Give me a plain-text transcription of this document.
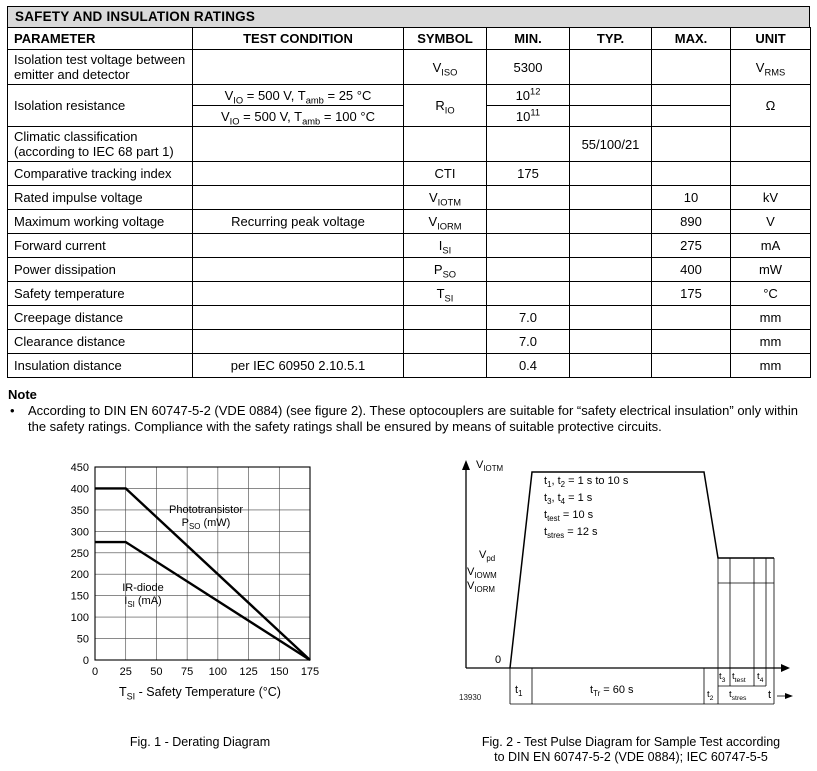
SAFETY AND INSULATION RATINGS
PARAMETER	TEST CONDITION	SYMBOL	MIN.	TYP.	MAX.	UNIT
Isolation test voltage between emitter and detector		$V_{ISO}$	5300			$V_{RMS}$
Isolation resistance	$V_{IO} = 500$ V, $T_{amb} = 25$ °C	$R_{IO}$	$10^{12}$			Ω
	$V_{IO} = 500$ V, $T_{amb} = 100$ °C		$10^{11}$		
Climatic classification (according to IEC 68 part 1)				55/100/21		
Comparative tracking index		CTI	175			
Rated impulse voltage		$V_{IOTM}$			10	kV
Maximum working voltage	Recurring peak voltage	$V_{IORM}$			890	V
Forward current		$I_{SI}$			275	mA
Power dissipation		$P_{SO}$			400	mW
Safety temperature		$T_{SI}$			175	°C
Creepage distance			7.0			mm
Clearance distance			7.0			mm
Insulation distance	per IEC 60950 2.10.5.1		0.4			mm
Note
• According to DIN EN 60747-5-2 (VDE 0884) (see figure 2). These optocouplers are suitable for “safety electrical insulation” only within the safety ratings. Compliance with the safety ratings shall be ensured by means of suitable protective circuits.
0 25 50 75 100 125 150 175
0
50
100
150
200
250
300
350
400
450
Phototransistor
$P_{SO}$ (mW)
IR-diode
$I_{SI}$ (mA)
$T_{SI}$ - Safety Temperature (°C)
Fig. 1 - Derating Diagram
$V_{IOTM}$
$t_1$, $t_2 = 1$ s to 10 s
$t_3$, $t_4 = 1$ s
$t_{test} = 10$ s
$t_{stres} = 12$ s
$V_{pd}$
$V_{IOWM}$
$V_{IORM}$
0
13930
$t_1$	$t_{Tr} = 60$ s
$t_3$ $t_{test}$ $t_4$
$t_2$ $t_{stres}$ t
Fig. 2 - Test Pulse Diagram for Sample Test according
to DIN EN 60747-5-2 (VDE 0884); IEC 60747-5-5
